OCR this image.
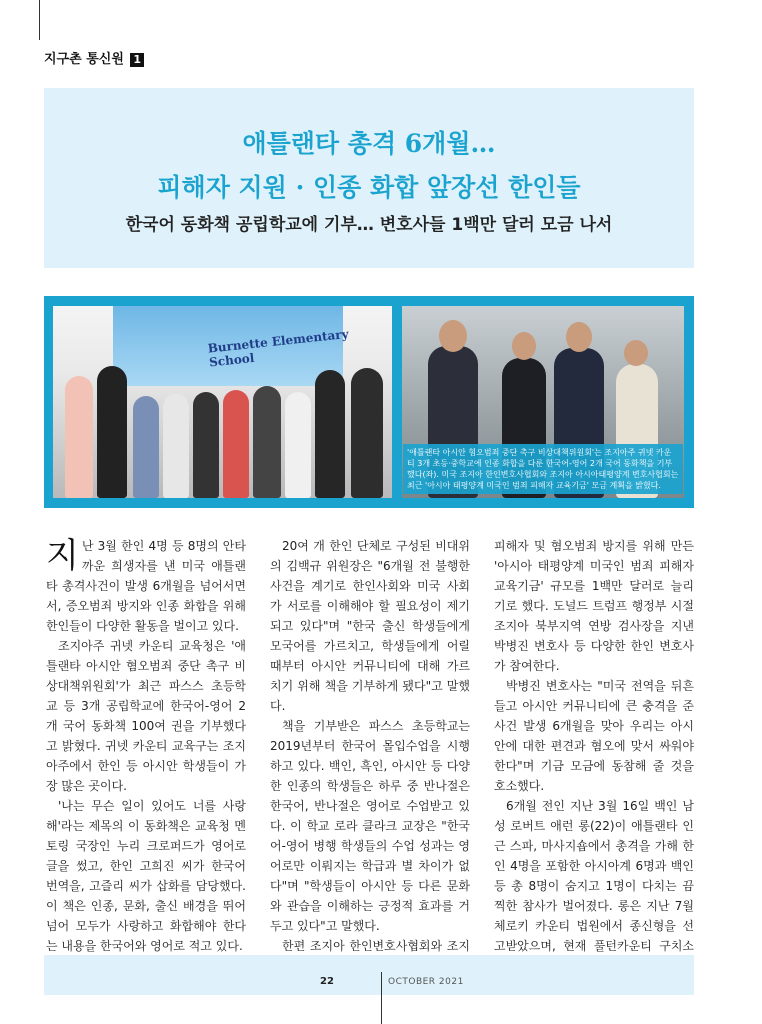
지구촌 통신원 1
애틀랜타 총격 6개월…
피해자 지원 · 인종 화합 앞장선 한인들
한국어 동화책 공립학교에 기부… 변호사들 1백만 달러 모금 나서
Burnette Elementary School
'애틀랜타 아시안 혐오범죄 중단 촉구 비상대책위원회'는 조지아주 귀넷 카운티 3개 초등·중학교에 인종 화합을 다룬 한국어-영어 2개 국어 동화책을 기부했다(좌). 미국 조지아 한인변호사협회와 조지아 아시아태평양계 변호사협회는 최근 '아시아 태평양계 미국인 범죄 피해자 교육기금' 모금 계획을 밝혔다.

지난 3월 한인 4명 등 8명의 안타까운 희생자를 낸 미국 애틀랜타 총격사건이 발생 6개월을 넘어서면서, 증오범죄 방지와 인종 화합을 위해 한인들이 다양한 활동을 벌이고 있다.

조지아주 귀넷 카운티 교육청은 '애틀랜타 아시안 혐오범죄 중단 촉구 비상대책위원회'가 최근 파스스 초등학교 등 3개 공립학교에 한국어-영어 2개 국어 동화책 100여 권을 기부했다고 밝혔다. 귀넷 카운티 교육구는 조지아주에서 한인 등 아시안 학생들이 가장 많은 곳이다.

'나는 무슨 일이 있어도 너를 사랑해'라는 제목의 이 동화책은 교육청 멘토링 국장인 누리 크로퍼드가 영어로 글을 썼고, 한인 고희진 씨가 한국어 번역을, 고즐리 씨가 삽화를 담당했다. 이 책은 인종, 문화, 출신 배경을 뛰어넘어 모두가 사랑하고 화합해야 한다는 내용을 한국어와 영어로 적고 있다.

20여 개 한인 단체로 구성된 비대위의 김백규 위원장은 "6개월 전 불행한 사건을 계기로 한인사회와 미국 사회가 서로를 이해해야 할 필요성이 제기되고 있다"며 "한국 출신 학생들에게 모국어를 가르치고, 학생들에게 어릴 때부터 아시안 커뮤니티에 대해 가르치기 위해 책을 기부하게 됐다"고 말했다.

책을 기부받은 파스스 초등학교는 2019년부터 한국어 몰입수업을 시행하고 있다. 백인, 흑인, 아시안 등 다양한 인종의 학생들은 하루 중 반나절은 한국어, 반나절은 영어로 수업받고 있다. 이 학교 로라 클라크 교장은 "한국어-영어 병행 학생들의 수업 성과는 영어로만 이뤄지는 학급과 별 차이가 없다"며 "학생들이 아시안 등 다른 문화와 관습을 이해하는 긍정적 효과를 거두고 있다"고 말했다.

한편 조지아 한인변호사협회와 조지

피해자 및 혐오범죄 방지를 위해 만든 '아시아 태평양계 미국인 범죄 피해자 교육기금' 규모를 1백만 달러로 늘리기로 했다. 도널드 트럼프 행정부 시절 조지아 북부지역 연방 검사장을 지낸 박병진 변호사 등 다양한 한인 변호사가 참여한다.

박병진 변호사는 "미국 전역을 뒤흔들고 아시안 커뮤니티에 큰 충격을 준 사건 발생 6개월을 맞아 우리는 아시안에 대한 편견과 혐오에 맞서 싸워야 한다"며 기금 모금에 동참해 줄 것을 호소했다.

6개월 전인 지난 3월 16일 백인 남성 로버트 애런 롱(22)이 애틀랜타 인근 스파, 마사지숍에서 총격을 가해 한인 4명을 포함한 아시아계 6명과 백인 등 총 8명이 숨지고 1명이 다치는 끔찍한 참사가 벌어졌다. 롱은 지난 7월 체로키 카운티 법원에서 종신형을 선고받았으며, 현재 풀턴카운티 구치소

22	OCTOBER 2021
